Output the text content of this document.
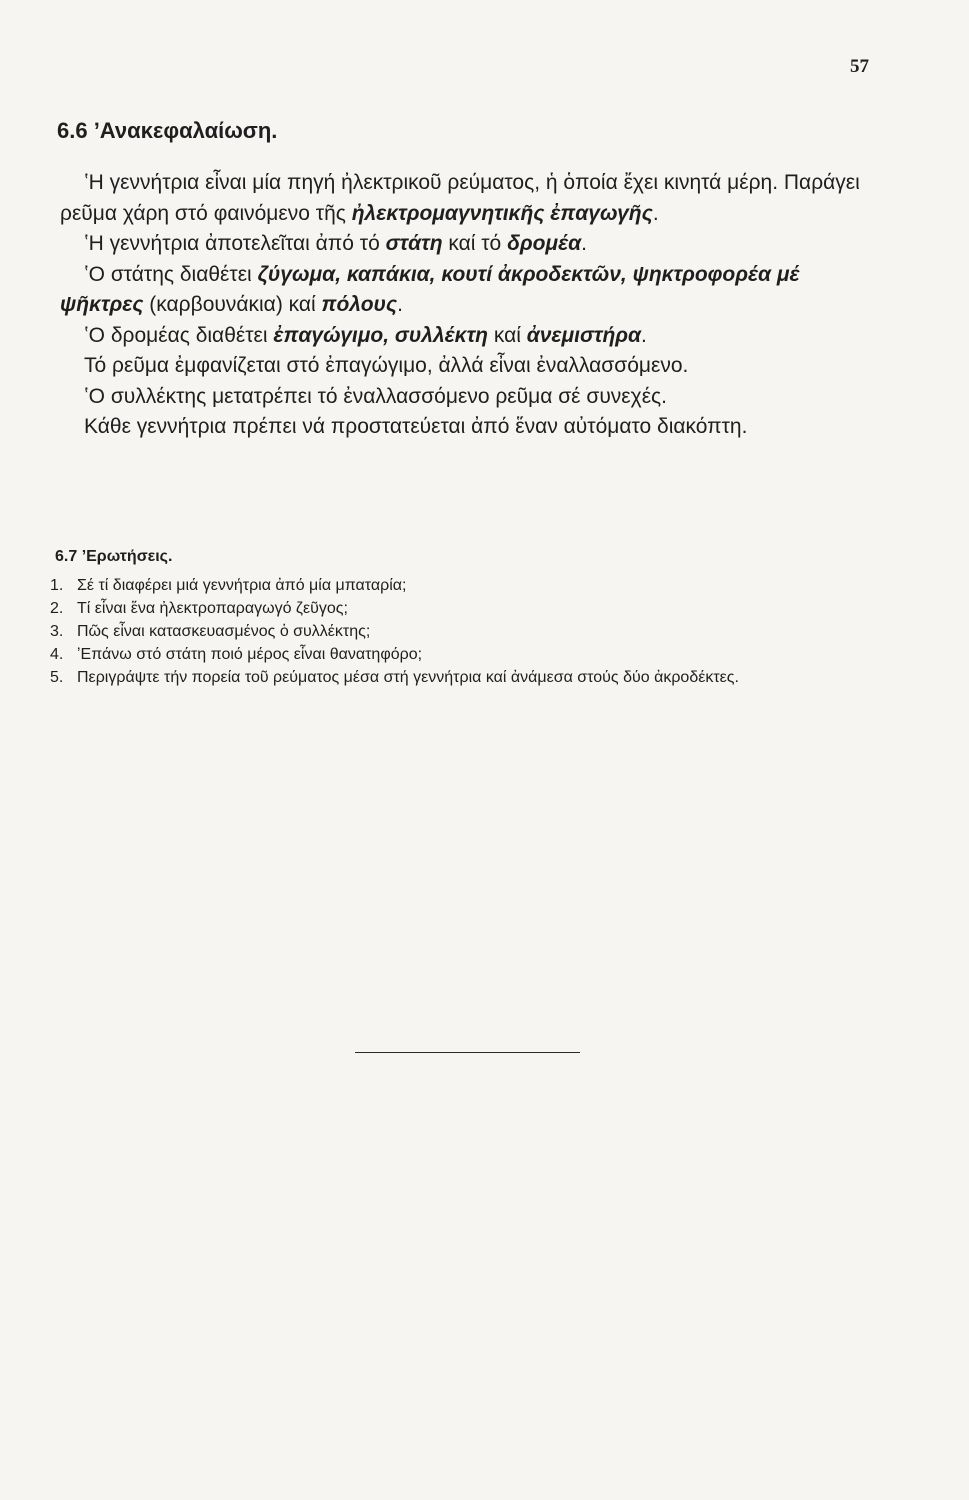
57
6.6 ʼΑνακεφαλαίωση.

ʽΗ γεννήτρια εἶναι μία πηγή ἠλεκτρικοῦ ρεύματος, ἡ ὁποία ἔχει κινητά μέρη. Παράγει ρεῦμα χάρη στό φαινόμενο τῆς ἠλεκτρομαγνητικῆς ἐπαγωγῆς.

ʽΗ γεννήτρια ἀποτελεῖται ἀπό τό στάτη καί τό δρομέα.

ʽΟ στάτης διαθέτει ζύγωμα, καπάκια, κουτί ἀκροδεκτῶν, ψηκτροφορέα μέ ψῆκτρες (καρβουνάκια) καί πόλους.

ʽΟ δρομέας διαθέτει ἐπαγώγιμο, συλλέκτη καί ἀνεμιστήρα.

Τό ρεῦμα ἐμφανίζεται στό ἐπαγώγιμο, ἀλλά εἶναι ἐναλλασσόμενο.

ʽΟ συλλέκτης μετατρέπει τό ἐναλλασσόμενο ρεῦμα σέ συνεχές.

Κάθε γεννήτρια πρέπει νά προστατεύεται ἀπό ἕναν αὐτόματο διακόπτη.

6.7 ʼΕρωτήσεις.
1. Σέ τί διαφέρει μιά γεννήτρια ἀπό μία μπαταρία;
2. Τί εἶναι ἕνα ἠλεκτροπαραγωγό ζεῦγος;
3. Πῶς εἶναι κατασκευασμένος ὁ συλλέκτης;
4. ʼΕπάνω στό στάτη ποιό μέρος εἶναι θανατηφόρο;
5. Περιγράψτε τήν πορεία τοῦ ρεύματος μέσα στή γεννήτρια καί ἀνάμεσα στούς δύο ἀκροδέκτες.
